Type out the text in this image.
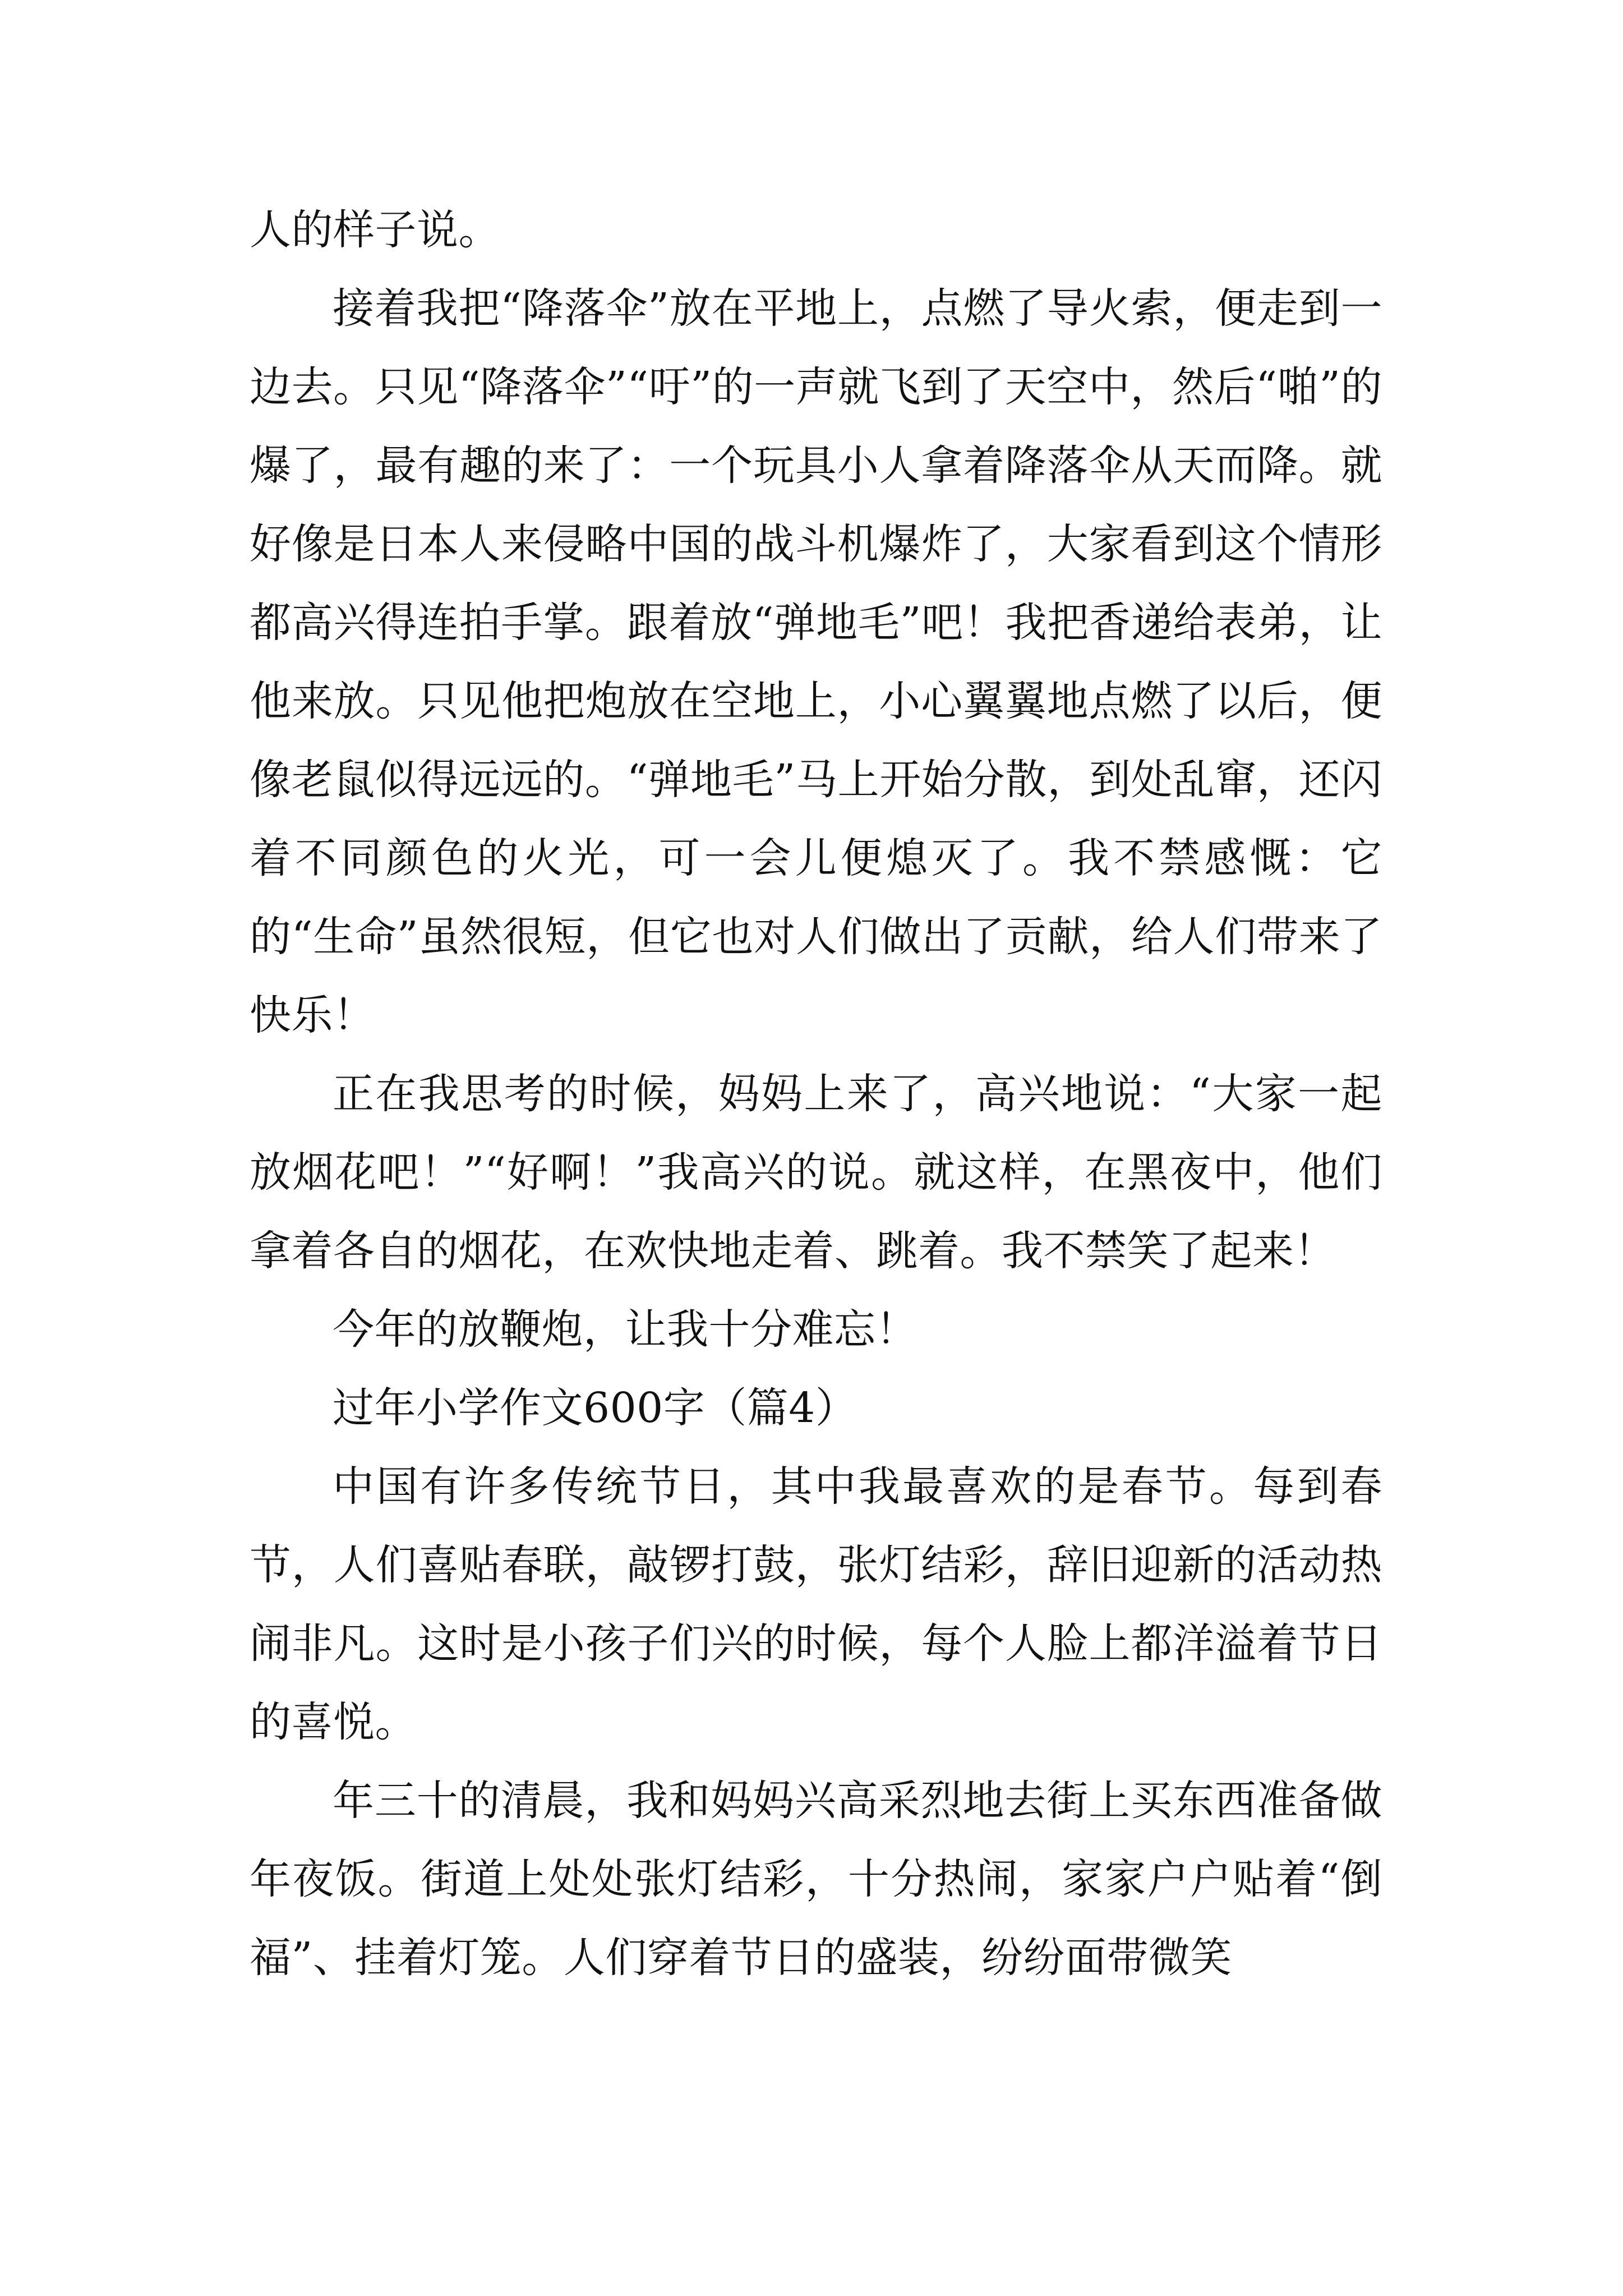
人的样子说。

接着我把“降落伞”放在平地上，点燃了导火索，便走到一边去。只见“降落伞”“吁”的一声就飞到了天空中，然后“啪”的爆了，最有趣的来了：一个玩具小人拿着降落伞从天而降。就好像是日本人来侵略中国的战斗机爆炸了，大家看到这个情形都高兴得连拍手掌。跟着放“弹地毛”吧！我把香递给表弟，让他来放。只见他把炮放在空地上，小心翼翼地点燃了以后，便像老鼠似得远远的。“弹地毛”马上开始分散，到处乱窜，还闪着不同颜色的火光，可一会儿便熄灭了。我不禁感慨：它的“生命”虽然很短，但它也对人们做出了贡献，给人们带来了快乐！

正在我思考的时候，妈妈上来了，高兴地说：“大家一起放烟花吧！”“好啊！”我高兴的说。就这样，在黑夜中，他们拿着各自的烟花，在欢快地走着、跳着。我不禁笑了起来！

今年的放鞭炮，让我十分难忘！

过年小学作文600字（篇4）

中国有许多传统节日，其中我最喜欢的是春节。每到春节，人们喜贴春联，敲锣打鼓，张灯结彩，辞旧迎新的活动热闹非凡。这时是小孩子们兴的时候，每个人脸上都洋溢着节日的喜悦。

年三十的清晨，我和妈妈兴高采烈地去街上买东西准备做年夜饭。街道上处处张灯结彩，十分热闹，家家户户贴着“倒福”、挂着灯笼。人们穿着节日的盛装，纷纷面带微笑
